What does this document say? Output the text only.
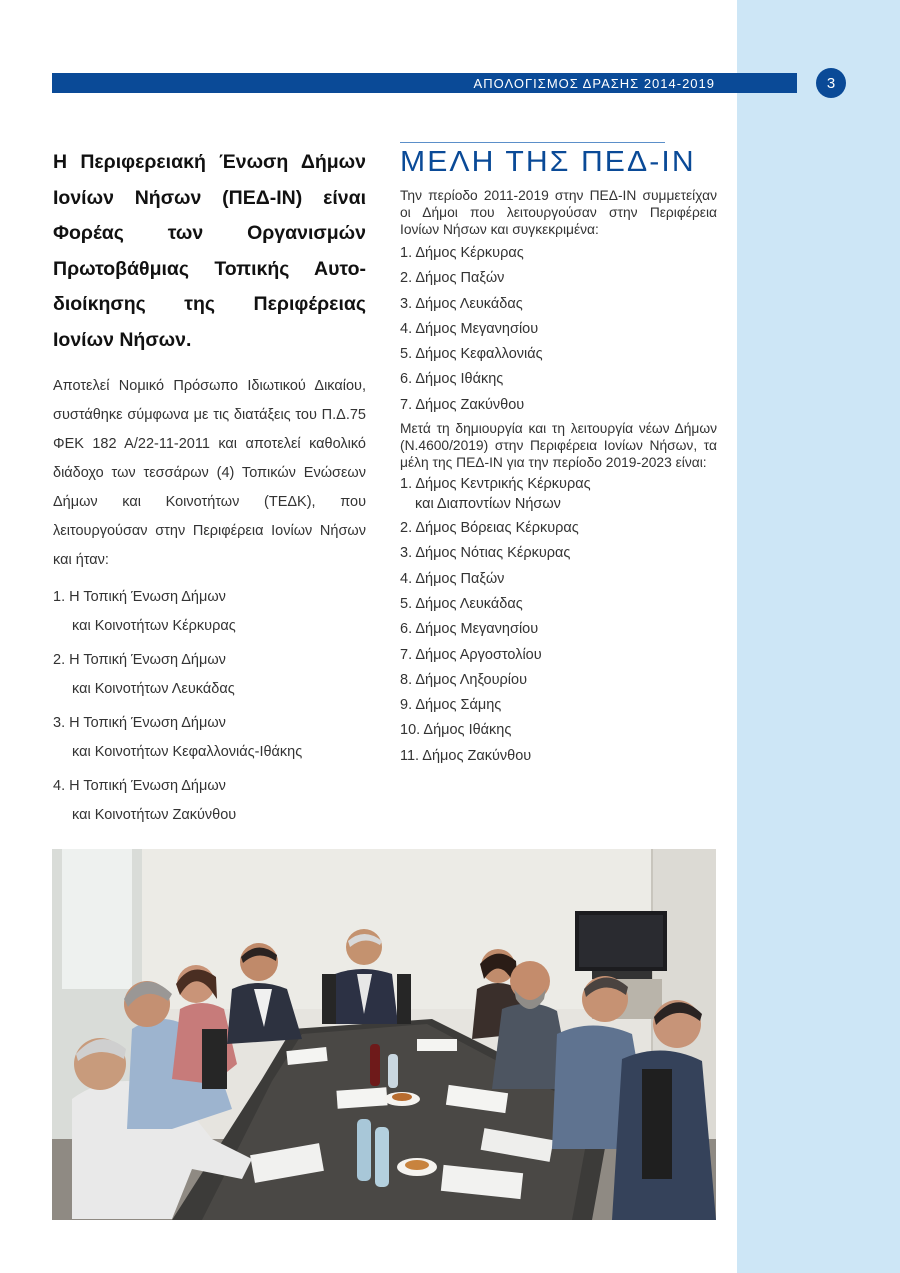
ΑΠΟΛΟΓΙΣΜΟΣ ΔΡΑΣΗΣ 2014-2019	3

Η Περιφερειακή Ένωση Δήμων Ιονίων Νήσων (ΠΕΔ-ΙΝ) είναι Φορέας των Οργανισμών Πρωτοβάθμιας Τοπικής Αυτο-διοίκησης της Περιφέρειας Ιονίων Νήσων.

Αποτελεί Νομικό Πρόσωπο Ιδιωτικού Δικαίου, συστάθηκε σύμφωνα με τις διατάξεις του Π.Δ.75 ΦΕΚ 182 Α/22-11-2011 και αποτελεί καθολικό διάδοχο των τεσσάρων (4) Τοπικών Ενώσεων Δήμων και Κοινοτήτων (ΤΕΔΚ), που λειτουργούσαν στην Περιφέρεια Ιονίων Νήσων και ήταν:

1. Η Τοπική Ένωση Δήμων
και Κοινοτήτων Κέρκυρας
2. Η Τοπική Ένωση Δήμων
και Κοινοτήτων Λευκάδας
3. Η Τοπική Ένωση Δήμων
και Κοινοτήτων Κεφαλλονιάς-Ιθάκης
4. Η Τοπική Ένωση Δήμων
και Κοινοτήτων Ζακύνθου
ΜΕΛΗ ΤΗΣ ΠΕΔ-ΙΝ

Την περίοδο 2011-2019 στην ΠΕΔ-ΙΝ συμμετείχαν οι Δήμοι που λειτουργούσαν στην Περιφέρεια Ιονίων Νήσων και συγκεκριμένα:

1. Δήμος Κέρκυρας
2. Δήμος Παξών
3. Δήμος Λευκάδας
4. Δήμος Μεγανησίου
5. Δήμος Κεφαλλονιάς
6. Δήμος Ιθάκης
7. Δήμος Ζακύνθου

Μετά τη δημιουργία και τη λειτουργία νέων Δήμων (Ν.4600/2019) στην Περιφέρεια Ιονίων Νήσων, τα μέλη της ΠΕΔ-ΙΝ για την περίοδο 2019-2023 είναι:

1. Δήμος Κεντρικής Κέρκυρας
και Διαποντίων Νήσων
2. Δήμος Βόρειας Κέρκυρας
3. Δήμος Νότιας Κέρκυρας
4. Δήμος Παξών
5. Δήμος Λευκάδας
6. Δήμος Μεγανησίου
7. Δήμος Αργοστολίου
8. Δήμος Ληξουρίου
9. Δήμος Σάμης
10. Δήμος Ιθάκης
11. Δήμος Ζακύνθου
